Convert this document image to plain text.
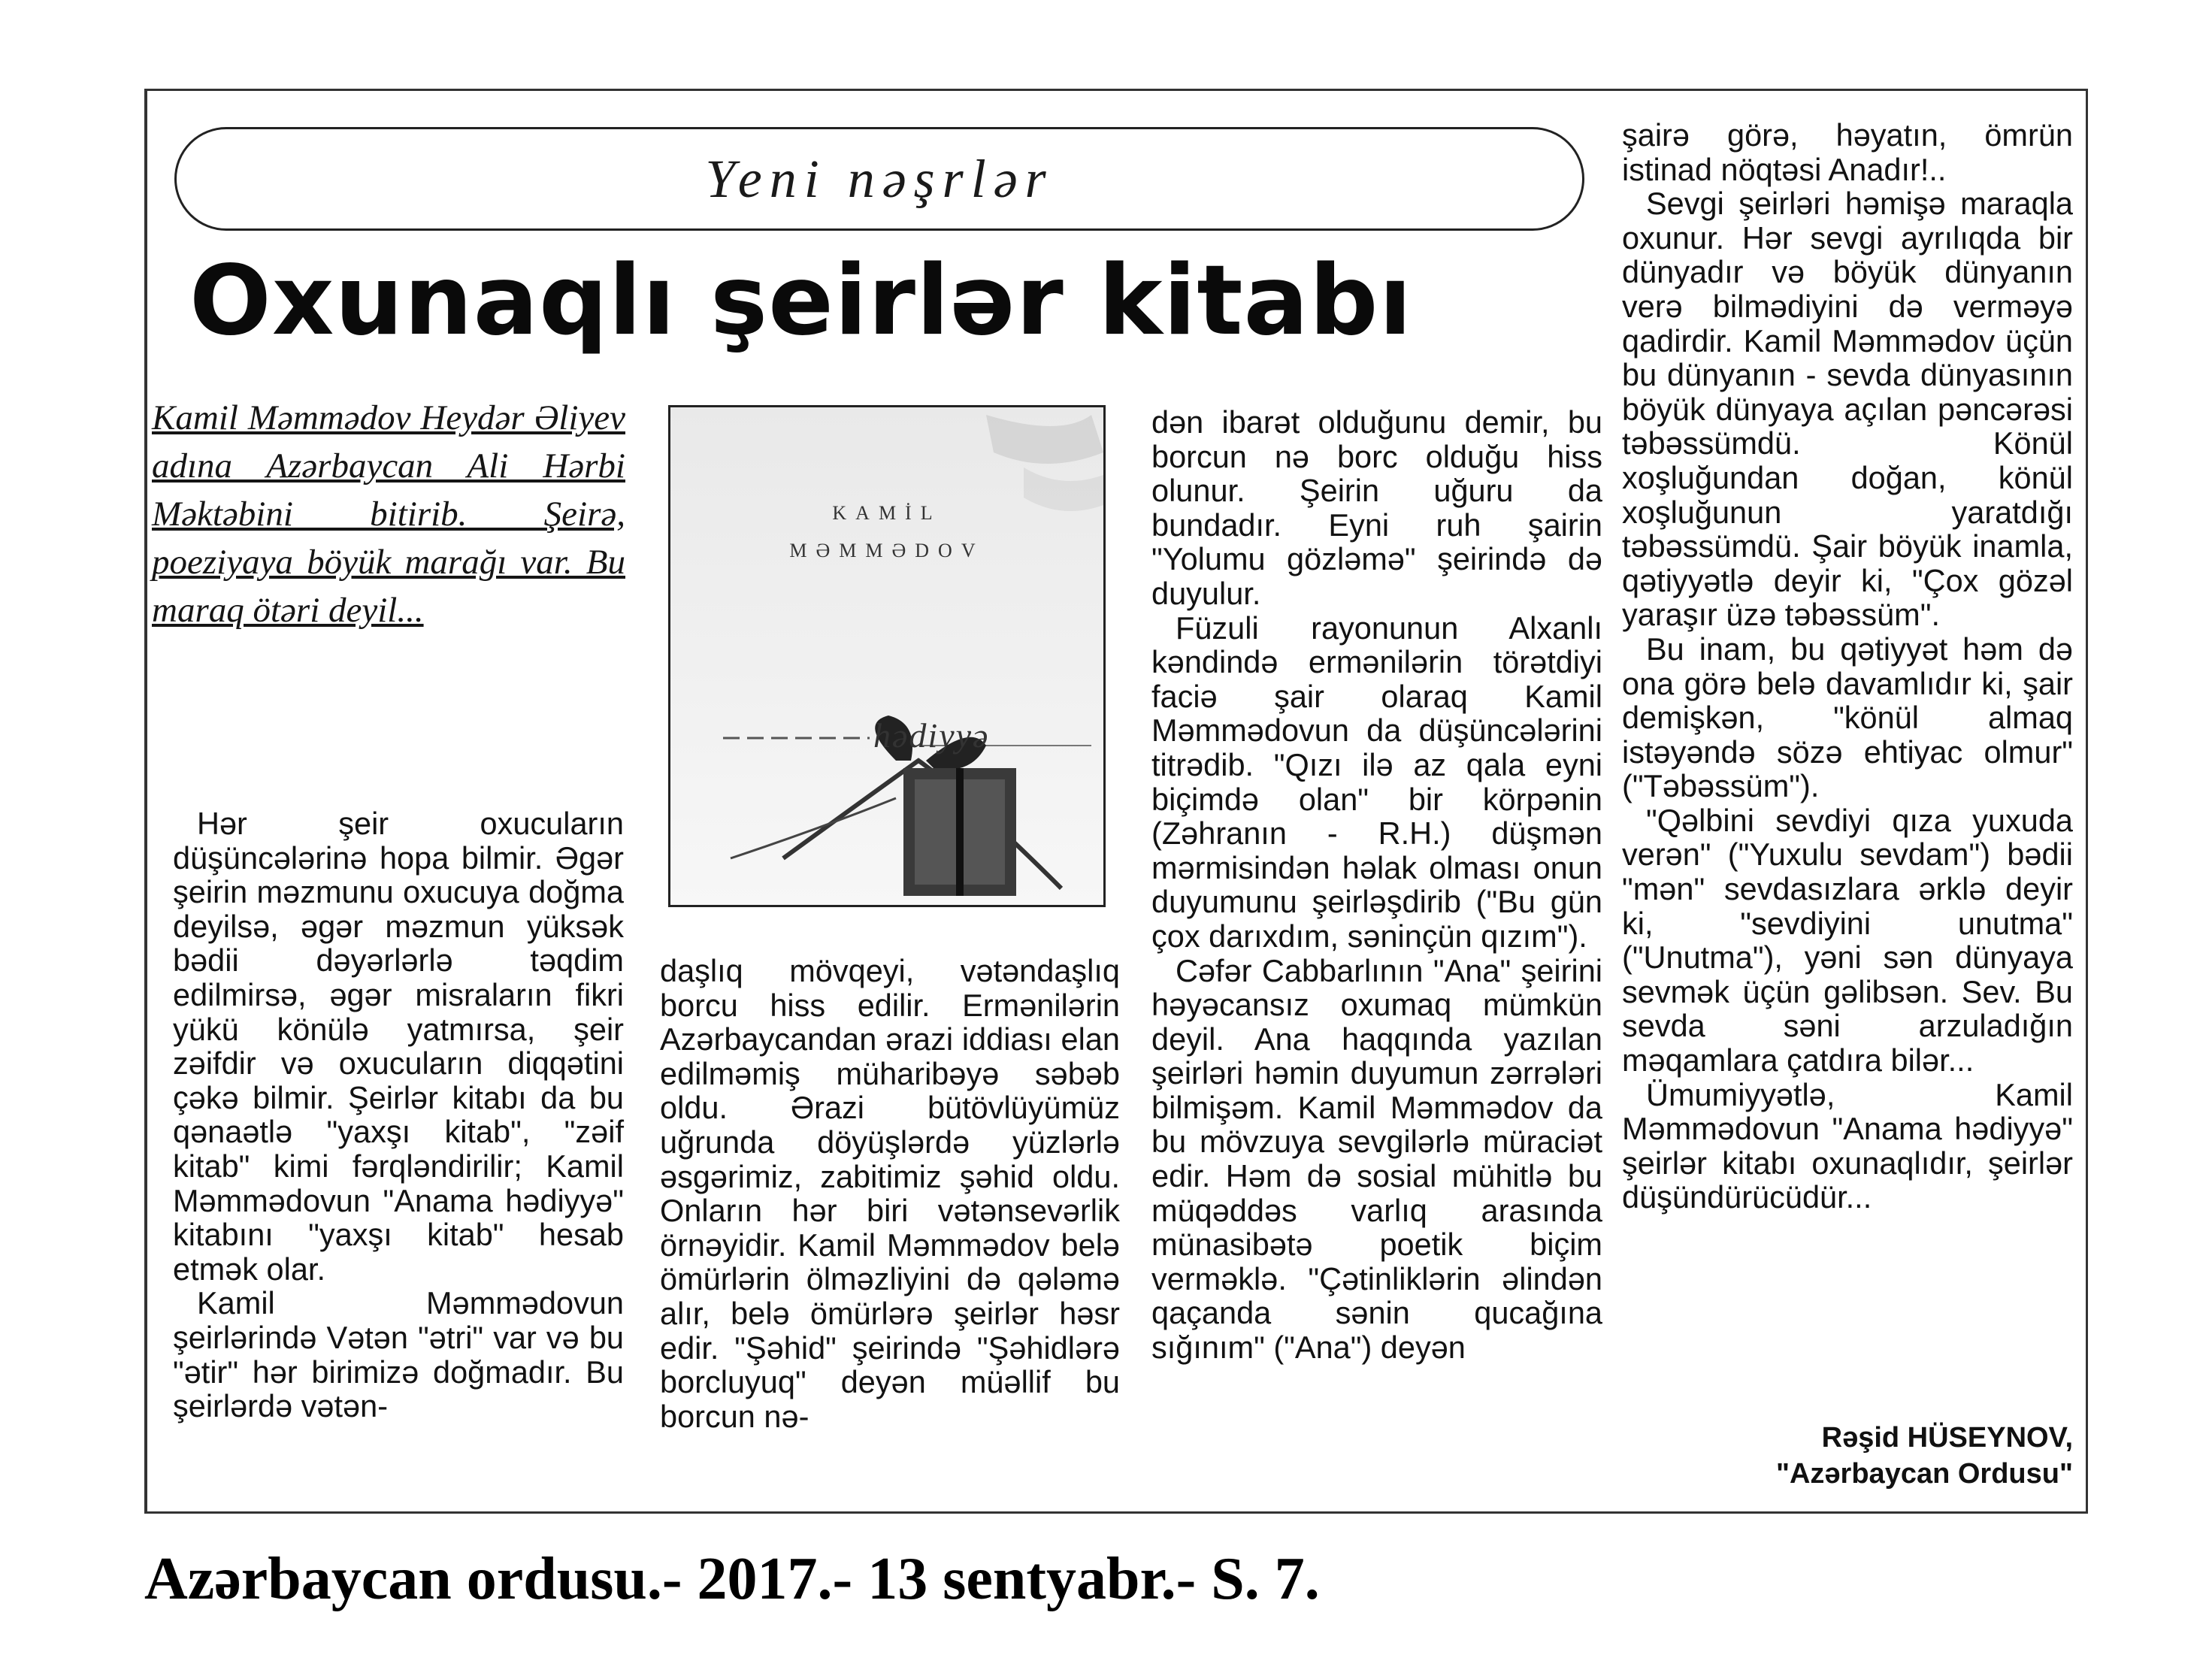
Yeni nəşrlər
Oxunaqlı şeirlər kitabı

Kamil Məmmədov Heydər Əliyev adına Azərbaycan Ali Hərbi Məktəbini bitirib. Şeirə, poeziyaya böyük marağı var. Bu maraq ötəri deyil...

KAMİL
MƏMMƏDOV
hədiyyə

Hər şeir oxucuların düşüncələrinə hopa bilmir. Əgər şeirin məzmunu oxucuya doğma deyilsə, əgər məzmun yüksək bədii dəyərlərlə təqdim edilmirsə, əgər misraların fikri yükü könülə yatmırsa, şeir zəifdir və oxucuların diqqətini çəkə bilmir. Şeirlər kitabı da bu qənaətlə "yaxşı kitab", "zəif kitab" kimi fərqləndirilir; Kamil Məmmədovun "Anama hədiyyə" kitabını "yaxşı kitab" hesab etmək olar.

Kamil Məmmədovun şeirlərində Vətən "ətri" var və bu "ətir" hər birimizə doğmadır. Bu şeirlərdə vətən-

daşlıq mövqeyi, vətəndaşlıq borcu hiss edilir. Ermənilərin Azərbaycandan ərazi iddiası elan edilməmiş müharibəyə səbəb oldu. Ərazi bütövlüyümüz uğrunda döyüşlərdə yüzlərlə əsgərimiz, zabitimiz şəhid oldu. Onların hər biri vətənsevərlik örnəyidir. Kamil Məmmədov belə ömürlərin ölməzliyini də qələmə alır, belə ömürlərə şeirlər həsr edir. "Şəhid" şeirində "Şəhidlərə borcluyuq" deyən müəllif bu borcun nə-

dən ibarət olduğunu demir, bu borcun nə borc olduğu hiss olunur. Şeirin uğuru da bundadır. Eyni ruh şairin "Yolumu gözləmə" şeirində də duyulur.

Füzuli rayonunun Alxanlı kəndində ermənilərin törətdiyi faciə şair olaraq Kamil Məmmədovun da düşüncələrini titrədib. "Qızı ilə az qala eyni biçimdə olan" bir körpənin (Zəhranın - R.H.) düşmən mərmisindən həlak olması onun duyumunu şeirləşdirib ("Bu gün çox darıxdım, səninçün qızım").

Cəfər Cabbarlının "Ana" şeirini həyəcansız oxumaq mümkün deyil. Ana haqqında yazılan şeirləri həmin duyumun zərrələri bilmişəm. Kamil Məmmədov da bu mövzuya sevgilərlə müraciət edir. Həm də sosial mühitlə bu müqəddəs varlıq arasında münasibətə poetik biçim verməklə. "Çətinliklərin əlindən qaçanda sənin qucağına sığınım" ("Ana") deyən

şairə görə, həyatın, ömrün istinad nöqtəsi Anadır!..

Sevgi şeirləri həmişə maraqla oxunur. Hər sevgi ayrılıqda bir dünyadır və böyük dünyanın verə bilmədiyini də verməyə qadirdir. Kamil Məmmədov üçün bu dünyanın - sevda dünyasının böyük dünyaya açılan pəncərəsi təbəssümdü. Könül xoşluğundan doğan, könül xoşluğunun yaratdığı təbəssümdü. Şair böyük inamla, qətiyyətlə deyir ki, "Çox gözəl yaraşır üzə təbəssüm".

Bu inam, bu qətiyyət həm də ona görə belə davamlıdır ki, şair demişkən, "könül almaq istəyəndə sözə ehtiyac olmur" ("Təbəssüm").

"Qəlbini sevdiyi qıza yuxuda verən" ("Yuxulu sevdam") bədii "mən" sevdasızlara ərklə deyir ki, "sevdiyini unutma" ("Unutma"), yəni sən dünyaya sevmək üçün gəlibsən. Sev. Bu sevda səni arzuladığın məqamlara çatdıra bilər...

Ümumiyyətlə, Kamil Məmmədovun "Anama hədiyyə" şeirlər kitabı oxunaqlıdır, şeirlər düşündürücüdür...

Rəşid HÜSEYNOV,
"Azərbaycan Ordusu"

Azərbaycan ordusu.- 2017.- 13 sentyabr.- S. 7.
